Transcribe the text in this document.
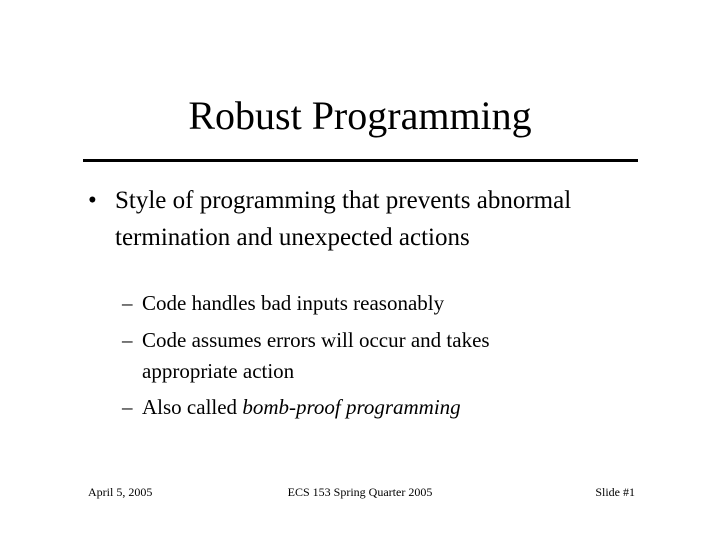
Robust Programming
• Style of programming that prevents abnormal termination and unexpected actions
– Code handles bad inputs reasonably
– Code assumes errors will occur and takes appropriate action
– Also called bomb-proof programming
April 5, 2005	ECS 153 Spring Quarter 2005	Slide #1
